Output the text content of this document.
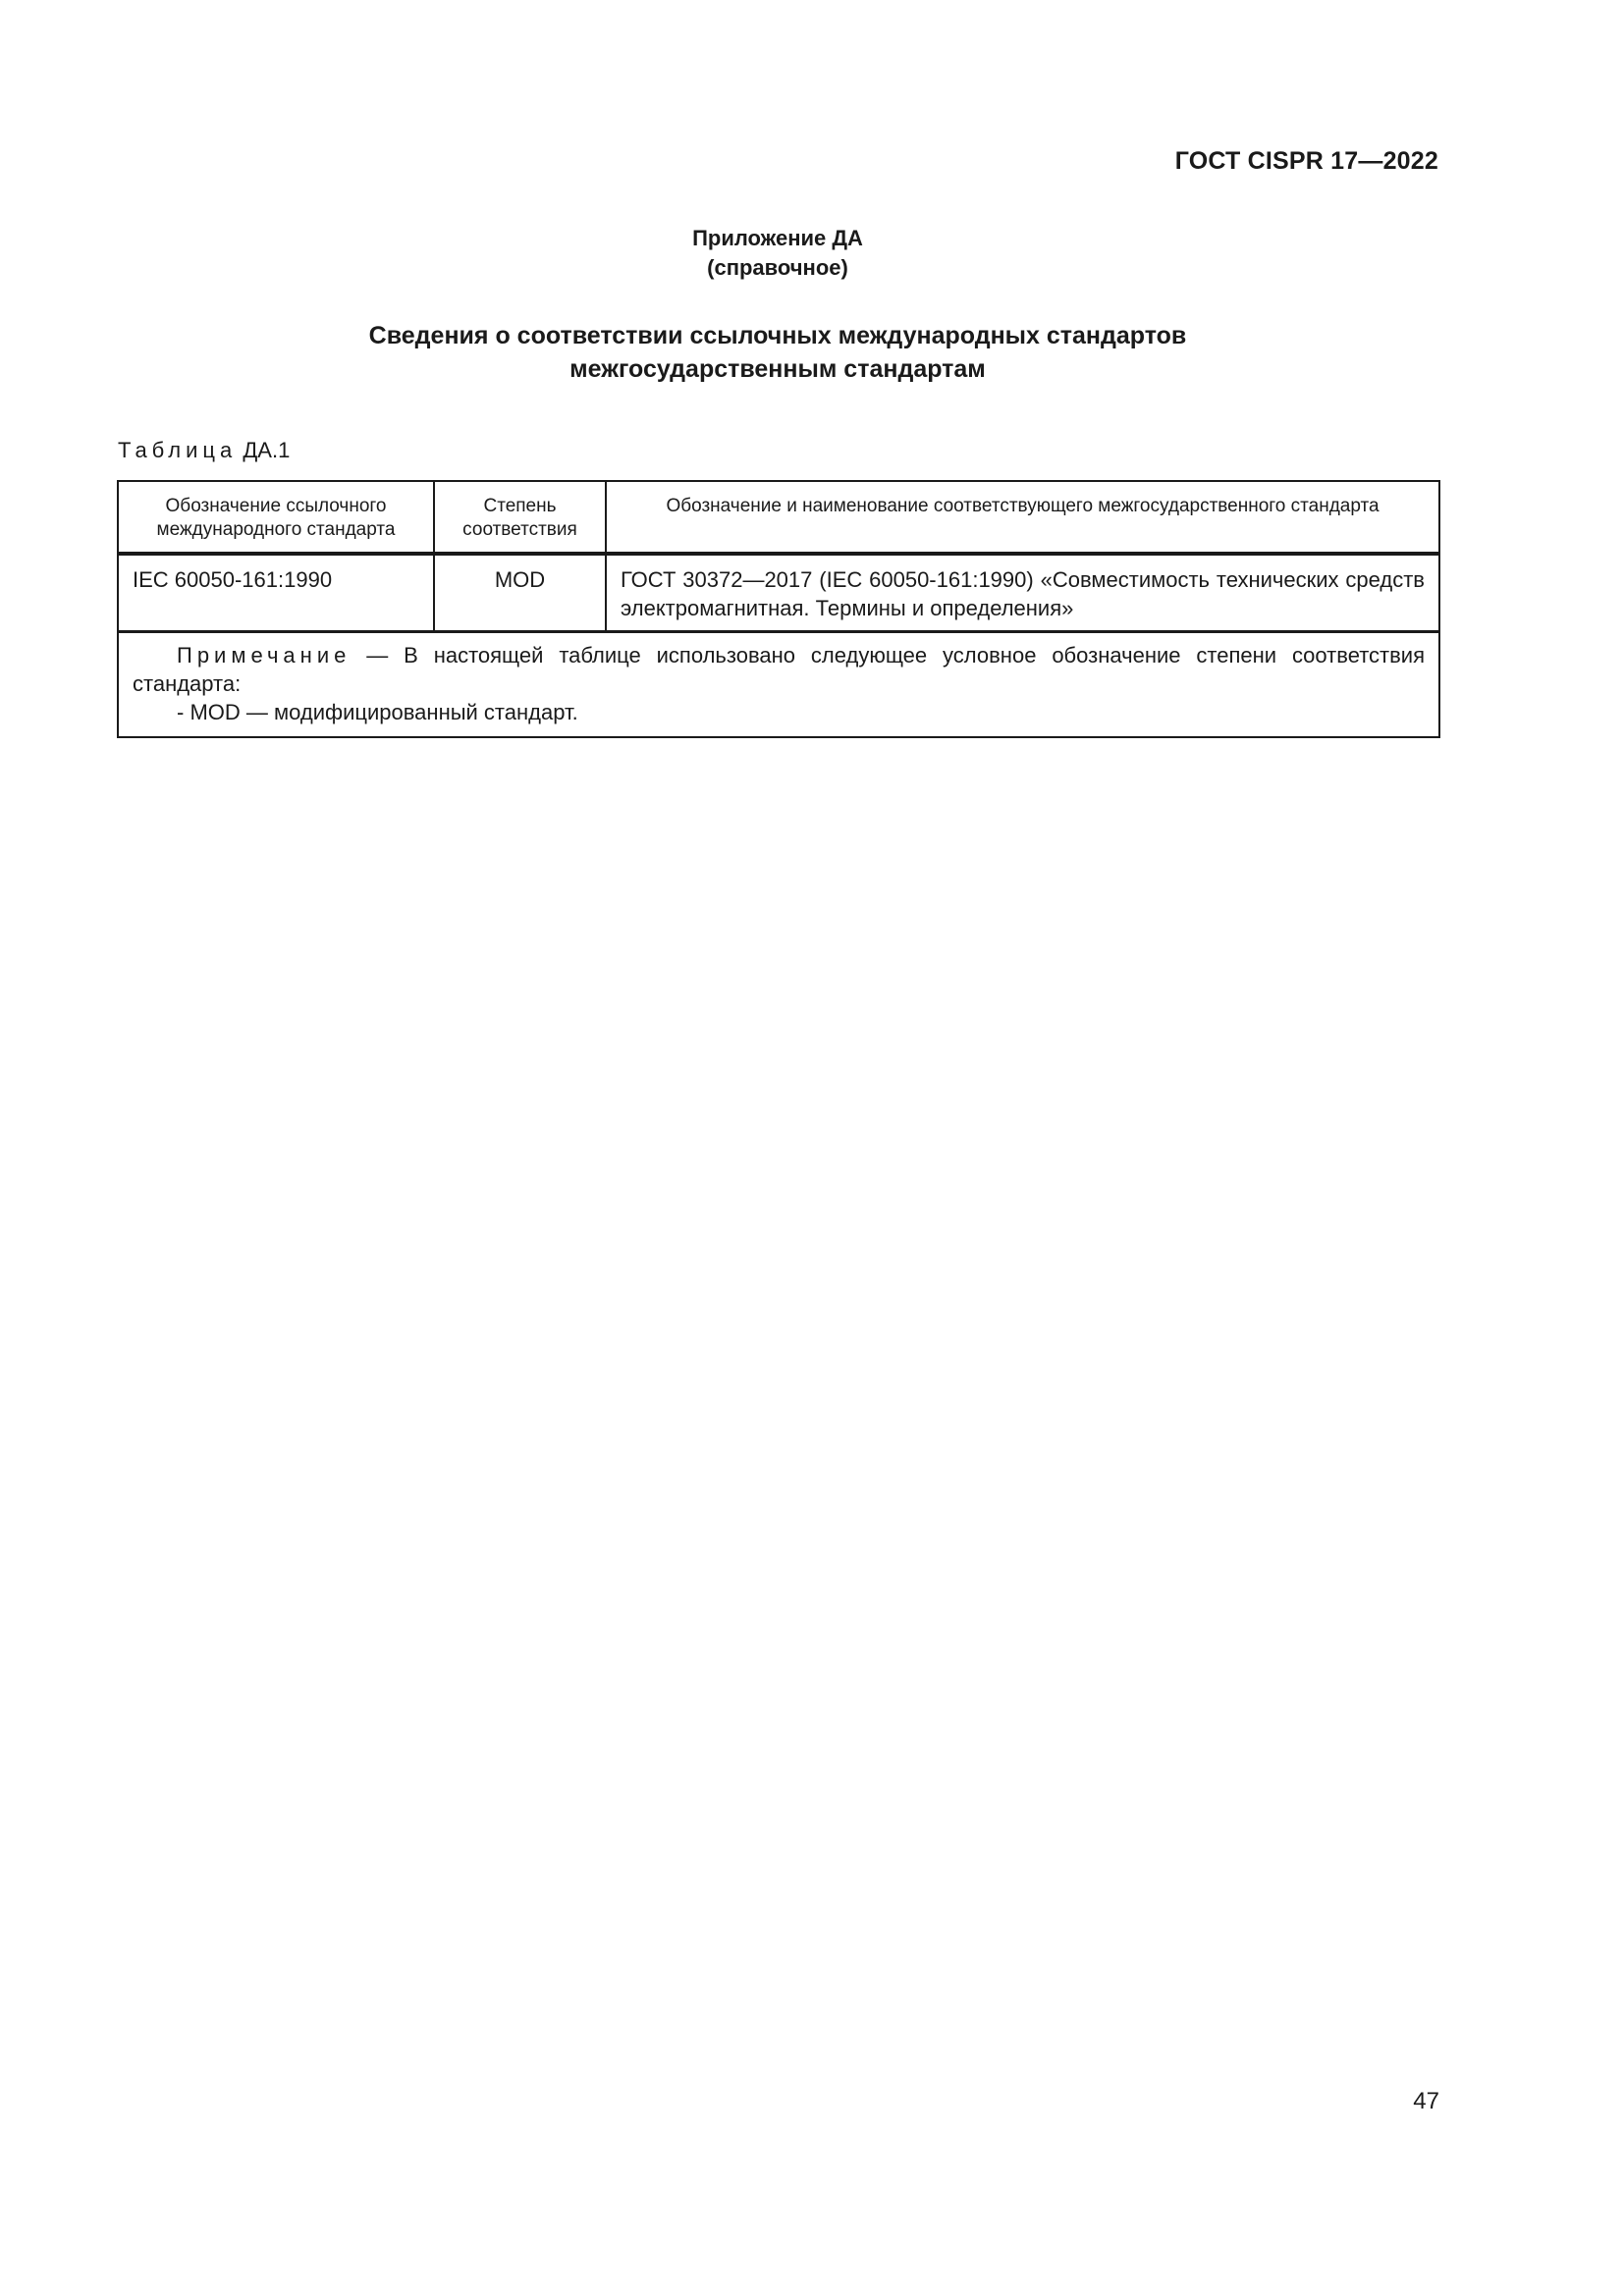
ГОСТ CISPR 17—2022
Приложение ДА
(справочное)
Сведения о соответствии ссылочных международных стандартов
межгосударственным стандартам
Таблица ДА.1
Обозначение ссылочного международного стандарта	Степень соответствия	Обозначение и наименование соответствующего межгосударственного стандарта
IEC 60050-161:1990	MOD	ГОСТ 30372—2017 (IEC 60050-161:1990) «Совместимость технических средств электромагнитная. Термины и определения»

Примечание — В настоящей таблице использовано следующее условное обозначение степени соответствия стандарта:
- MOD — модифицированный стандарт.		
47
